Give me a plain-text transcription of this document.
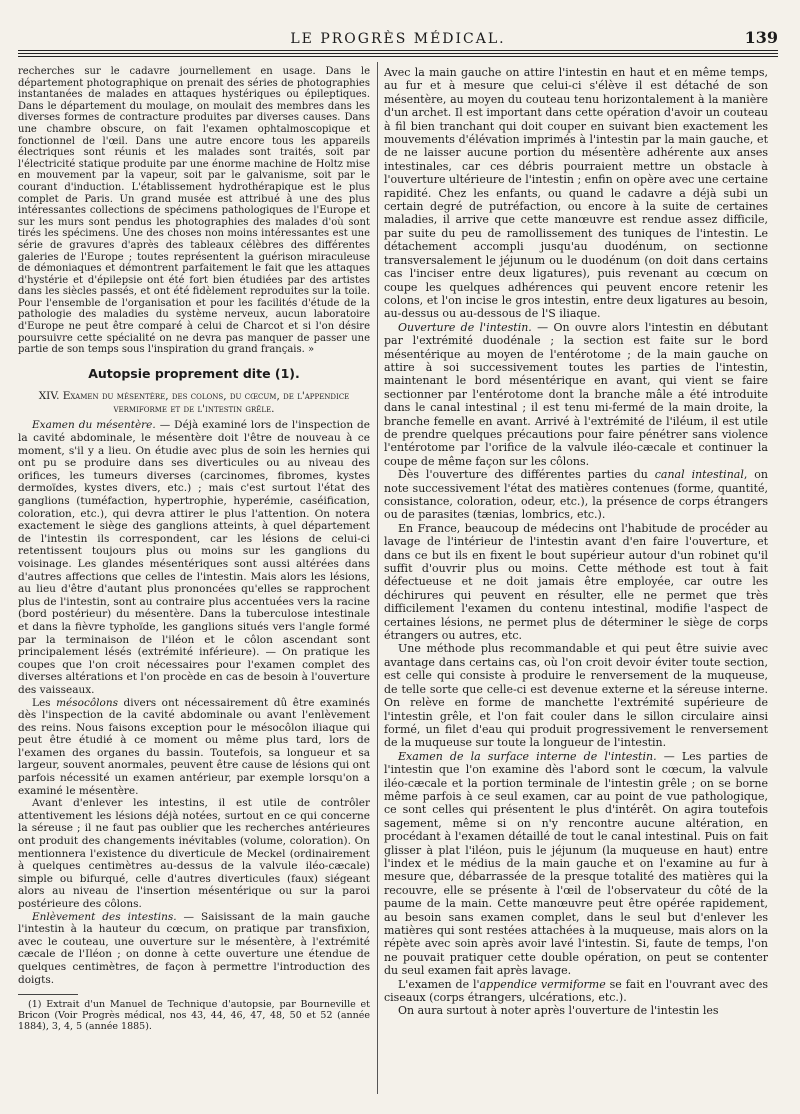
LE PROGRÈS MÉDICAL.	139

recherches sur le cadavre journellement en usage. Dans le département photographique on prenait des séries de photographies instantanées de malades en attaques hystériques ou épileptiques. Dans le département du moulage, on moulait des membres dans les diverses formes de contracture produites par diverses causes. Dans une chambre obscure, on fait l'examen ophtalmoscopique et fonctionnel de l'œil. Dans une autre encore tous les appareils électriques sont réunis et les malades sont traités, soit par l'électricité statique produite par une énorme machine de Holtz mise en mouvement par la vapeur, soit par le galvanisme, soit par le courant d'induction. L'établissement hydrothérapique est le plus complet de Paris. Un grand musée est attribué à une des plus intéressantes collections de spécimens pathologiques de l'Europe et sur les murs sont pendus les photographies des malades d'où sont tirés les spécimens. Une des choses non moins intéressantes est une série de gravures d'après des tableaux célèbres des différentes galeries de l'Europe ; toutes représentent la guérison miraculeuse de démoniaques et démontrent parfaitement le fait que les attaques d'hystérie et d'épilepsie ont été fort bien étudiées par des artistes dans les siècles passés, et ont été fidèlement reproduites sur la toile. Pour l'ensemble de l'organisation et pour les facilités d'étude de la pathologie des maladies du système nerveux, aucun laboratoire d'Europe ne peut être comparé à celui de Charcot et si l'on désire poursuivre cette spécialité on ne devra pas manquer de passer une partie de son temps sous l'inspiration du grand français. »

Autopsie proprement dite (1).
XIV. Examen du mésentère, des colons, du cœcum, de l'appendice vermiforme et de l'intestin grêle.

Examen du mésentère. — Déjà examiné lors de l'inspection de la cavité abdominale, le mésentère doit l'être de nouveau à ce moment, s'il y a lieu. On étudie avec plus de soin les hernies qui ont pu se produire dans ses diverticules ou au niveau des orifices, les tumeurs diverses (carcinomes, fibromes, kystes dermoïdes, kystes divers, etc.) ; mais c'est surtout l'état des ganglions (tuméfaction, hypertrophie, hyperémie, caséification, coloration, etc.), qui devra attirer le plus l'attention. On notera exactement le siège des ganglions atteints, à quel département de l'intestin ils correspondent, car les lésions de celui-ci retentissent toujours plus ou moins sur les ganglions du voisinage. Les glandes mésentériques sont aussi altérées dans d'autres affections que celles de l'intestin. Mais alors les lésions, au lieu d'être d'autant plus prononcées qu'elles se rapprochent plus de l'intestin, sont au contraire plus accentuées vers la racine (bord postérieur) du mésentère. Dans la tuberculose intestinale et dans la fièvre typhoïde, les ganglions situés vers l'angle formé par la terminaison de l'iléon et le côlon ascendant sont principalement lésés (extrémité inférieure). — On pratique les coupes que l'on croit nécessaires pour l'examen complet des diverses altérations et l'on procède en cas de besoin à l'ouverture des vaisseaux.

Les mésocôlons divers ont nécessairement dû être examinés dès l'inspection de la cavité abdominale ou avant l'enlèvement des reins. Nous faisons exception pour le mésocôlon iliaque qui peut être étudié à ce moment ou même plus tard, lors de l'examen des organes du bassin. Toutefois, sa longueur et sa largeur, souvent anormales, peuvent être cause de lésions qui ont parfois nécessité un examen antérieur, par exemple lorsqu'on a examiné le mésentère.

Avant d'enlever les intestins, il est utile de contrôler attentivement les lésions déjà notées, surtout en ce qui concerne la séreuse ; il ne faut pas oublier que les recherches antérieures ont produit des changements inévitables (volume, coloration). On mentionnera l'existence du diverticule de Meckel (ordinairement à quelques centimètres au-dessus de la valvule iléo-cæcale) simple ou bifurqué, celle d'autres diverticules (faux) siégeant alors au niveau de l'insertion mésentérique ou sur la paroi postérieure des côlons.

Enlèvement des intestins. — Saisissant de la main gauche l'intestin à la hauteur du cœcum, on pratique par transfixion, avec le couteau, une ouverture sur le mésentère, à l'extrémité cæcale de l'Iléon ; on donne à cette ouverture une étendue de quelques centimètres, de façon à permettre l'introduction des doigts.

(1) Extrait d'un Manuel de Technique d'autopsie, par Bourneville et Bricon (Voir Progrès médical, nos 43, 44, 46, 47, 48, 50 et 52 (année 1884), 3, 4, 5 (année 1885).

Avec la main gauche on attire l'intestin en haut et en même temps, au fur et à mesure que celui-ci s'élève il est détaché de son mésentère, au moyen du couteau tenu horizontalement à la manière d'un archet. Il est important dans cette opération d'avoir un couteau à fil bien tranchant qui doit couper en suivant bien exactement les mouvements d'élévation imprimés à l'intestin par la main gauche, et de ne laisser aucune portion du mésentère adhérente aux anses intestinales, car ces débris pourraient mettre un obstacle à l'ouverture ultérieure de l'intestin ; enfin on opère avec une certaine rapidité. Chez les enfants, ou quand le cadavre a déjà subi un certain degré de putréfaction, ou encore à la suite de certaines maladies, il arrive que cette manœuvre est rendue assez difficile, par suite du peu de ramollissement des tuniques de l'intestin. Le détachement accompli jusqu'au duodénum, on sectionne transversalement le jéjunum ou le duodénum (on doit dans certains cas l'inciser entre deux ligatures), puis revenant au cœcum on coupe les quelques adhérences qui peuvent encore retenir les colons, et l'on incise le gros intestin, entre deux ligatures au besoin, au-dessus ou au-dessous de l'S iliaque.

Ouverture de l'intestin. — On ouvre alors l'intestin en débutant par l'extrémité duodénale ; la section est faite sur le bord mésentérique au moyen de l'entérotome ; de la main gauche on attire à soi successivement toutes les parties de l'intestin, maintenant le bord mésentérique en avant, qui vient se faire sectionner par l'entérotome dont la branche mâle a été introduite dans le canal intestinal ; il est tenu mi-fermé de la main droite, la branche femelle en avant. Arrivé à l'extrémité de l'iléum, il est utile de prendre quelques précautions pour faire pénétrer sans violence l'entérotome par l'orifice de la valvule iléo-cæcale et continuer la coupe de même façon sur les côlons.

Dès l'ouverture des différentes parties du canal intestinal, on note successivement l'état des matières contenues (forme, quantité, consistance, coloration, odeur, etc.), la présence de corps étrangers ou de parasites (tænias, lombrics, etc.).

En France, beaucoup de médecins ont l'habitude de procéder au lavage de l'intérieur de l'intestin avant d'en faire l'ouverture, et dans ce but ils en fixent le bout supérieur autour d'un robinet qu'il suffit d'ouvrir plus ou moins. Cette méthode est tout à fait défectueuse et ne doit jamais être employée, car outre les déchirures qui peuvent en résulter, elle ne permet que très difficilement l'examen du contenu intestinal, modifie l'aspect de certaines lésions, ne permet plus de déterminer le siège de corps étrangers ou autres, etc.

Une méthode plus recommandable et qui peut être suivie avec avantage dans certains cas, où l'on croit devoir éviter toute section, est celle qui consiste à produire le renversement de la muqueuse, de telle sorte que celle-ci est devenue externe et la séreuse interne. On relève en forme de manchette l'extrémité supérieure de l'intestin grêle, et l'on fait couler dans le sillon circulaire ainsi formé, un filet d'eau qui produit progressivement le renversement de la muqueuse sur toute la longueur de l'intestin.

Examen de la surface interne de l'intestin. — Les parties de l'intestin que l'on examine dès l'abord sont le cœcum, la valvule iléo-cæcale et la portion terminale de l'intestin grêle ; on se borne même parfois à ce seul examen, car au point de vue pathologique, ce sont celles qui présentent le plus d'intérêt. On agira toutefois sagement, même si on n'y rencontre aucune altération, en procédant à l'examen détaillé de tout le canal intestinal. Puis on fait glisser à plat l'iléon, puis le jéjunum (la muqueuse en haut) entre l'index et le médius de la main gauche et on l'examine au fur à mesure que, débarrassée de la presque totalité des matières qui la recouvre, elle se présente à l'œil de l'observateur du côté de la paume de la main. Cette manœuvre peut être opérée rapidement, au besoin sans examen complet, dans le seul but d'enlever les matières qui sont restées attachées à la muqueuse, mais alors on la répète avec soin après avoir lavé l'intestin. Si, faute de temps, l'on ne pouvait pratiquer cette double opération, on peut se contenter du seul examen fait après lavage.

L'examen de l'appendice vermiforme se fait en l'ouvrant avec des ciseaux (corps étrangers, ulcérations, etc.).

On aura surtout à noter après l'ouverture de l'intestin les
